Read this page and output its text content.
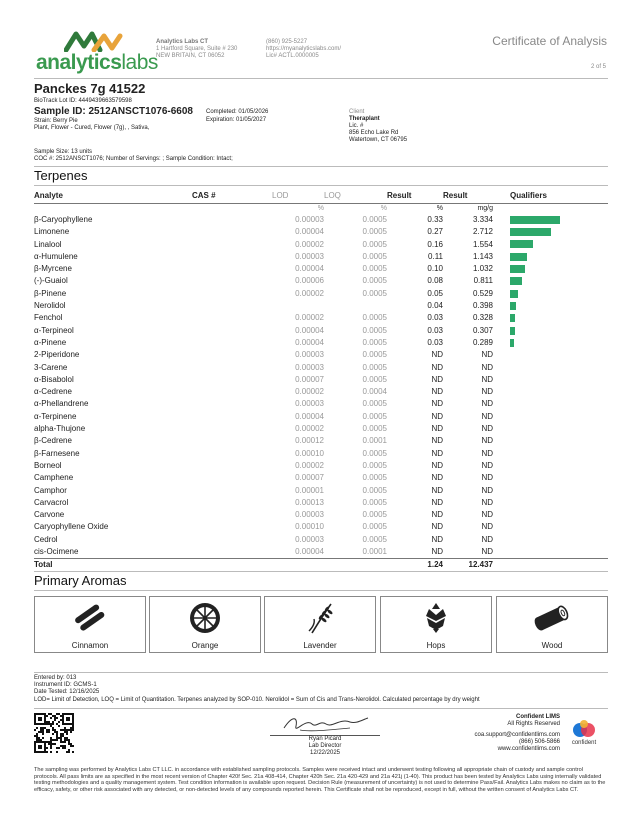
analyticslabs
Analytics Labs CT
1 Hartford Square, Suite # 230
NEW BRITAIN, CT 06052
(860) 925-5227
https://myanalyticslabs.com/
Lic# ACTL.0000005
Certificate of Analysis
2 of 5
Panckes 7g 41522
BioTrack Lot ID: 4449439663579598
Sample ID: 2512ANSCT1076-6608
Strain: Berry Pie
Plant, Flower - Cured, Flower (7g), , Sativa,
Completed: 01/05/2026
Expiration: 01/05/2027
Client
Theraplant
Lic. #
856 Echo Lake Rd
Watertown, CT 06795
Sample Size: 13 units
COC #: 2512ANSCT1076; Number of Servings: ; Sample Condition: Intact;
Terpenes
Analyte	CAS #	LOD	LOQ	Result	Result	Qualifiers
		%	%	%	mg/g	
β-Caryophyllene		0.00003	0.0005	0.33	3.334	
Limonene		0.00004	0.0005	0.27	2.712	
Linalool		0.00002	0.0005	0.16	1.554	
α-Humulene		0.00003	0.0005	0.11	1.143	
β-Myrcene		0.00004	0.0005	0.10	1.032	
(-)-Guaiol		0.00006	0.0005	0.08	0.811	
β-Pinene		0.00002	0.0005	0.05	0.529	
Nerolidol				0.04	0.398	
Fenchol		0.00002	0.0005	0.03	0.328	
α-Terpineol		0.00004	0.0005	0.03	0.307	
α-Pinene		0.00004	0.0005	0.03	0.289	
2-Piperidone		0.00003	0.0005	ND	ND	
3-Carene		0.00003	0.0005	ND	ND	
α-Bisabolol		0.00007	0.0005	ND	ND	
α-Cedrene		0.00002	0.0004	ND	ND	
α-Phellandrene		0.00003	0.0005	ND	ND	
α-Terpinene		0.00004	0.0005	ND	ND	
alpha-Thujone		0.00002	0.0005	ND	ND	
β-Cedrene		0.00012	0.0001	ND	ND	
β-Farnesene		0.00010	0.0005	ND	ND	
Borneol		0.00002	0.0005	ND	ND	
Camphene		0.00007	0.0005	ND	ND	
Camphor		0.00001	0.0005	ND	ND	
Carvacrol		0.00013	0.0005	ND	ND	
Carvone		0.00003	0.0005	ND	ND	
Caryophyllene Oxide		0.00010	0.0005	ND	ND	
Cedrol		0.00003	0.0005	ND	ND	
cis-Ocimene		0.00004	0.0001	ND	ND	
Total				1.24	12.437	
Primary Aromas
Cinnamon	Orange	Lavender	Hops	Wood
Entered by: 013
Instrument ID: GCMS-1
Date Tested: 12/16/2025
LOD= Limit of Detection, LOQ = Limit of Quantitation. Terpenes analyzed by SOP-010. Nerolidol = Sum of Cis and Trans-Nerolidol. Calculated percentage by dry weight
Ryan Picard
Lab Director
12/22/2025
Confident LIMS
All Rights Reserved
coa.support@confidentlims.com
(866) 506-5866
www.confidentlims.com
confident
The sampling was performed by Analytics Labs CT LLC. in accordance with established sampling protocols. Samples were received intact and underwent testing following all appropriate chain of custody and sample control protocols. All pass limits are as specified in the most recent version of Chapter 420f Sec. 21a 408-414, Chapter 420h Sec. 21a 420-429 and 21a 421j (1-40). This product has been tested by Analytics Labs using internally validated testing methodologies and a quality management system. Test condition information is available upon request. Decision Rule (measurement of uncertainty) is not used to determine Pass/Fail. Analytics Labs makes no claim as to the efficacy, safety, or other risk associated with any detected, or non-detected levels of any compounds reported herein. This Certificate shall not be reproduced, except in full, without the written consent of Analytics Labs CT.
